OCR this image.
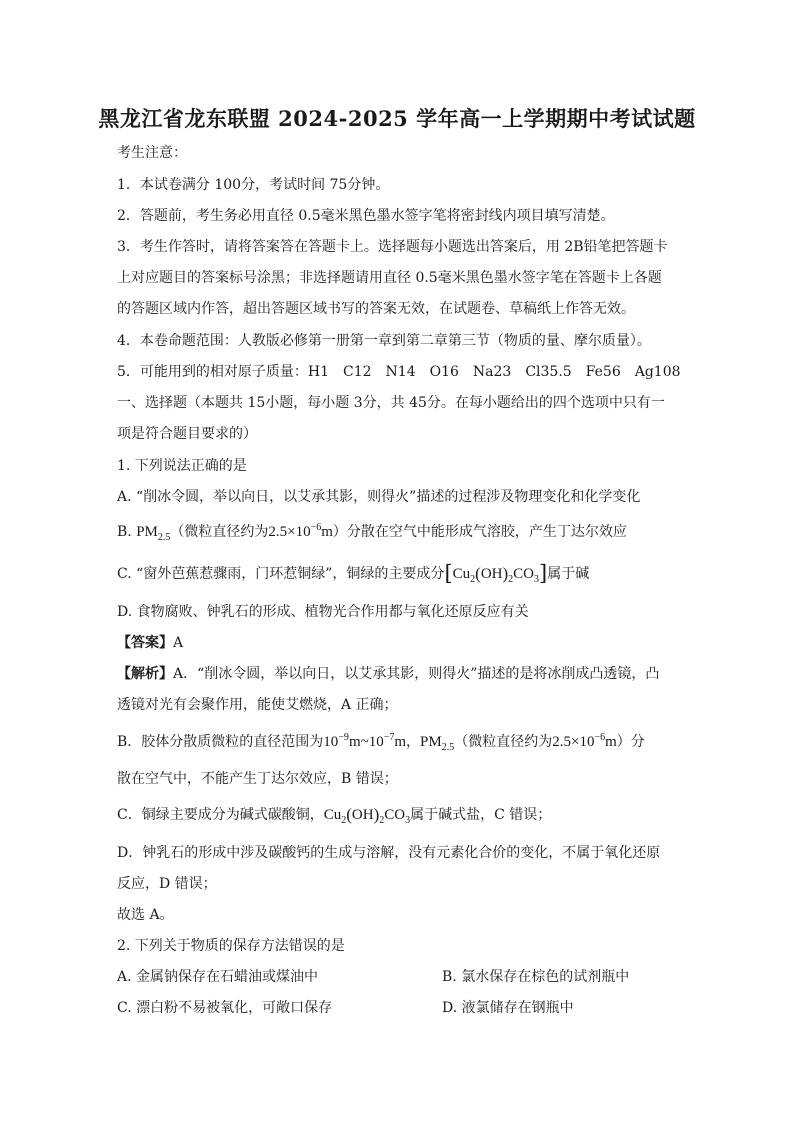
黑龙江省龙东联盟 2024-2025 学年高一上学期期中考试试题
考生注意：
1．本试卷满分 100分，考试时间 75分钟。
2．答题前，考生务必用直径 0.5毫米黑色墨水签字笔将密封线内项目填写清楚。
3．考生作答时，请将答案答在答题卡上。选择题每小题选出答案后，用 2B铅笔把答题卡
上对应题目的答案标号涂黑；非选择题请用直径 0.5毫米黑色墨水签字笔在答题卡上各题
的答题区域内作答，超出答题区域书写的答案无效，在试题卷、草稿纸上作答无效。
4．本卷命题范围：人教版必修第一册第一章到第二章第三节（物质的量、摩尔质量）。
5．可能用到的相对原子质量：H1　C12　N14　O16　Na23　Cl35.5　Fe56　Ag108
一、选择题（本题共 15小题，每小题 3分，共 45分。在每小题给出的四个选项中只有一
项是符合题目要求的）
1. 下列说法正确的是
A. “削冰令圆，举以向日，以艾承其影，则得火”描述的过程涉及物理变化和化学变化
B. $PM_{2.5}$（微粒直径约为$2.5\times 10^{-6}m$）分散在空气中能形成气溶胶，产生丁达尔效应
C. “窗外芭蕉惹骤雨，门环惹铜绿”，铜绿的主要成分$[Cu_2(OH)_2CO_3]$属于碱
D. 食物腐败、钟乳石的形成、植物光合作用都与氧化还原反应有关
【答案】A
【解析】A．“削冰令圆，举以向日，以艾承其影，则得火”描述的是将冰削成凸透镜，凸
透镜对光有会聚作用，能使艾燃烧，A 正确；
B．胶体分散质微粒的直径范围为$10^{-9}m\sim 10^{-7}m$，$PM_{2.5}$（微粒直径约为$2.5\times 10^{-6}m$）分
散在空气中，不能产生丁达尔效应，B 错误；
C．铜绿主要成分为碱式碳酸铜，$Cu_2(OH)_2CO_3$属于碱式盐，C 错误；
D．钟乳石的形成中涉及碳酸钙的生成与溶解，没有元素化合价的变化，不属于氧化还原
反应，D 错误；
故选 A。
2. 下列关于物质的保存方法错误的是
A. 金属钠保存在石蜡油或煤油中	B. 氯水保存在棕色的试剂瓶中
C. 漂白粉不易被氧化，可敞口保存	D. 液氯储存在钢瓶中
